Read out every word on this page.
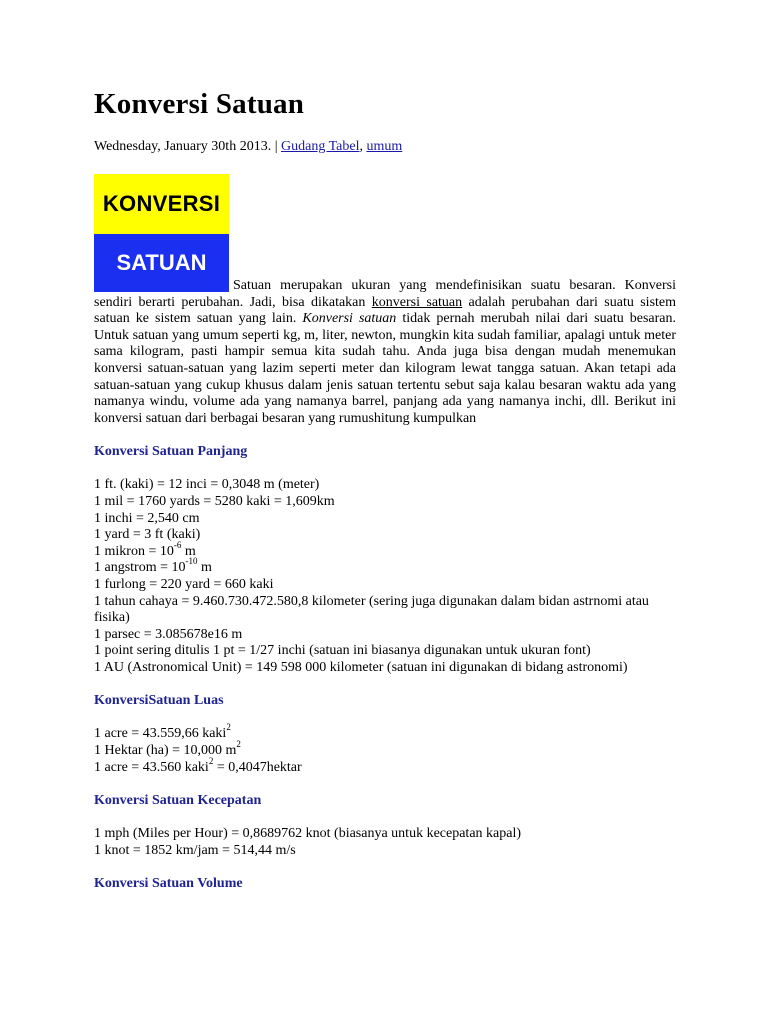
Konversi Satuan
Wednesday, January 30th 2013. | Gudang Tabel, umum
KONVERSI
SATUAN

Satuan merupakan ukuran yang mendefinisikan suatu besaran. Konversi sendiri berarti perubahan. Jadi, bisa dikatakan konversi satuan adalah perubahan dari suatu sistem satuan ke sistem satuan yang lain. Konversi satuan tidak pernah merubah nilai dari suatu besaran. Untuk satuan yang umum seperti kg, m, liter, newton, mungkin kita sudah familiar, apalagi untuk meter sama kilogram, pasti hampir semua kita sudah tahu. Anda juga bisa dengan mudah menemukan konversi satuan-satuan yang lazim seperti meter dan kilogram lewat tangga satuan. Akan tetapi ada satuan-satuan yang cukup khusus dalam jenis satuan tertentu sebut saja kalau besaran waktu ada yang namanya windu, volume ada yang namanya barrel, panjang ada yang namanya inchi, dll. Berikut ini konversi satuan dari berbagai besaran yang rumushitung kumpulkan

Konversi Satuan Panjang
1 ft. (kaki) = 12 inci = 0,3048 m (meter)
1 mil = 1760 yards = 5280 kaki = 1,609km
1 inchi = 2,540 cm
1 yard = 3 ft (kaki)
1 mikron = $10^{-6}$ m
1 angstrom = $10^{-10}$ m
1 furlong = 220 yard = 660 kaki
1 tahun cahaya = 9.460.730.472.580,8 kilometer (sering juga digunakan dalam bidan astrnomi atau fisika)
1 parsec = 3.085678e16 m
1 point sering ditulis 1 pt = 1/27 inchi (satuan ini biasanya digunakan untuk ukuran font)
1 AU (Astronomical Unit) = 149 598 000 kilometer (satuan ini digunakan di bidang astronomi)
KonversiSatuan Luas
1 acre = 43.559,66 kaki$^2$
1 Hektar (ha) = 10,000 $m^2$
1 acre = 43.560 kaki$^2$ = 0,4047hektar
Konversi Satuan Kecepatan
1 mph (Miles per Hour) = 0,8689762 knot (biasanya untuk kecepatan kapal)
1 knot = 1852 km/jam = 514,44 m/s
Konversi Satuan Volume
